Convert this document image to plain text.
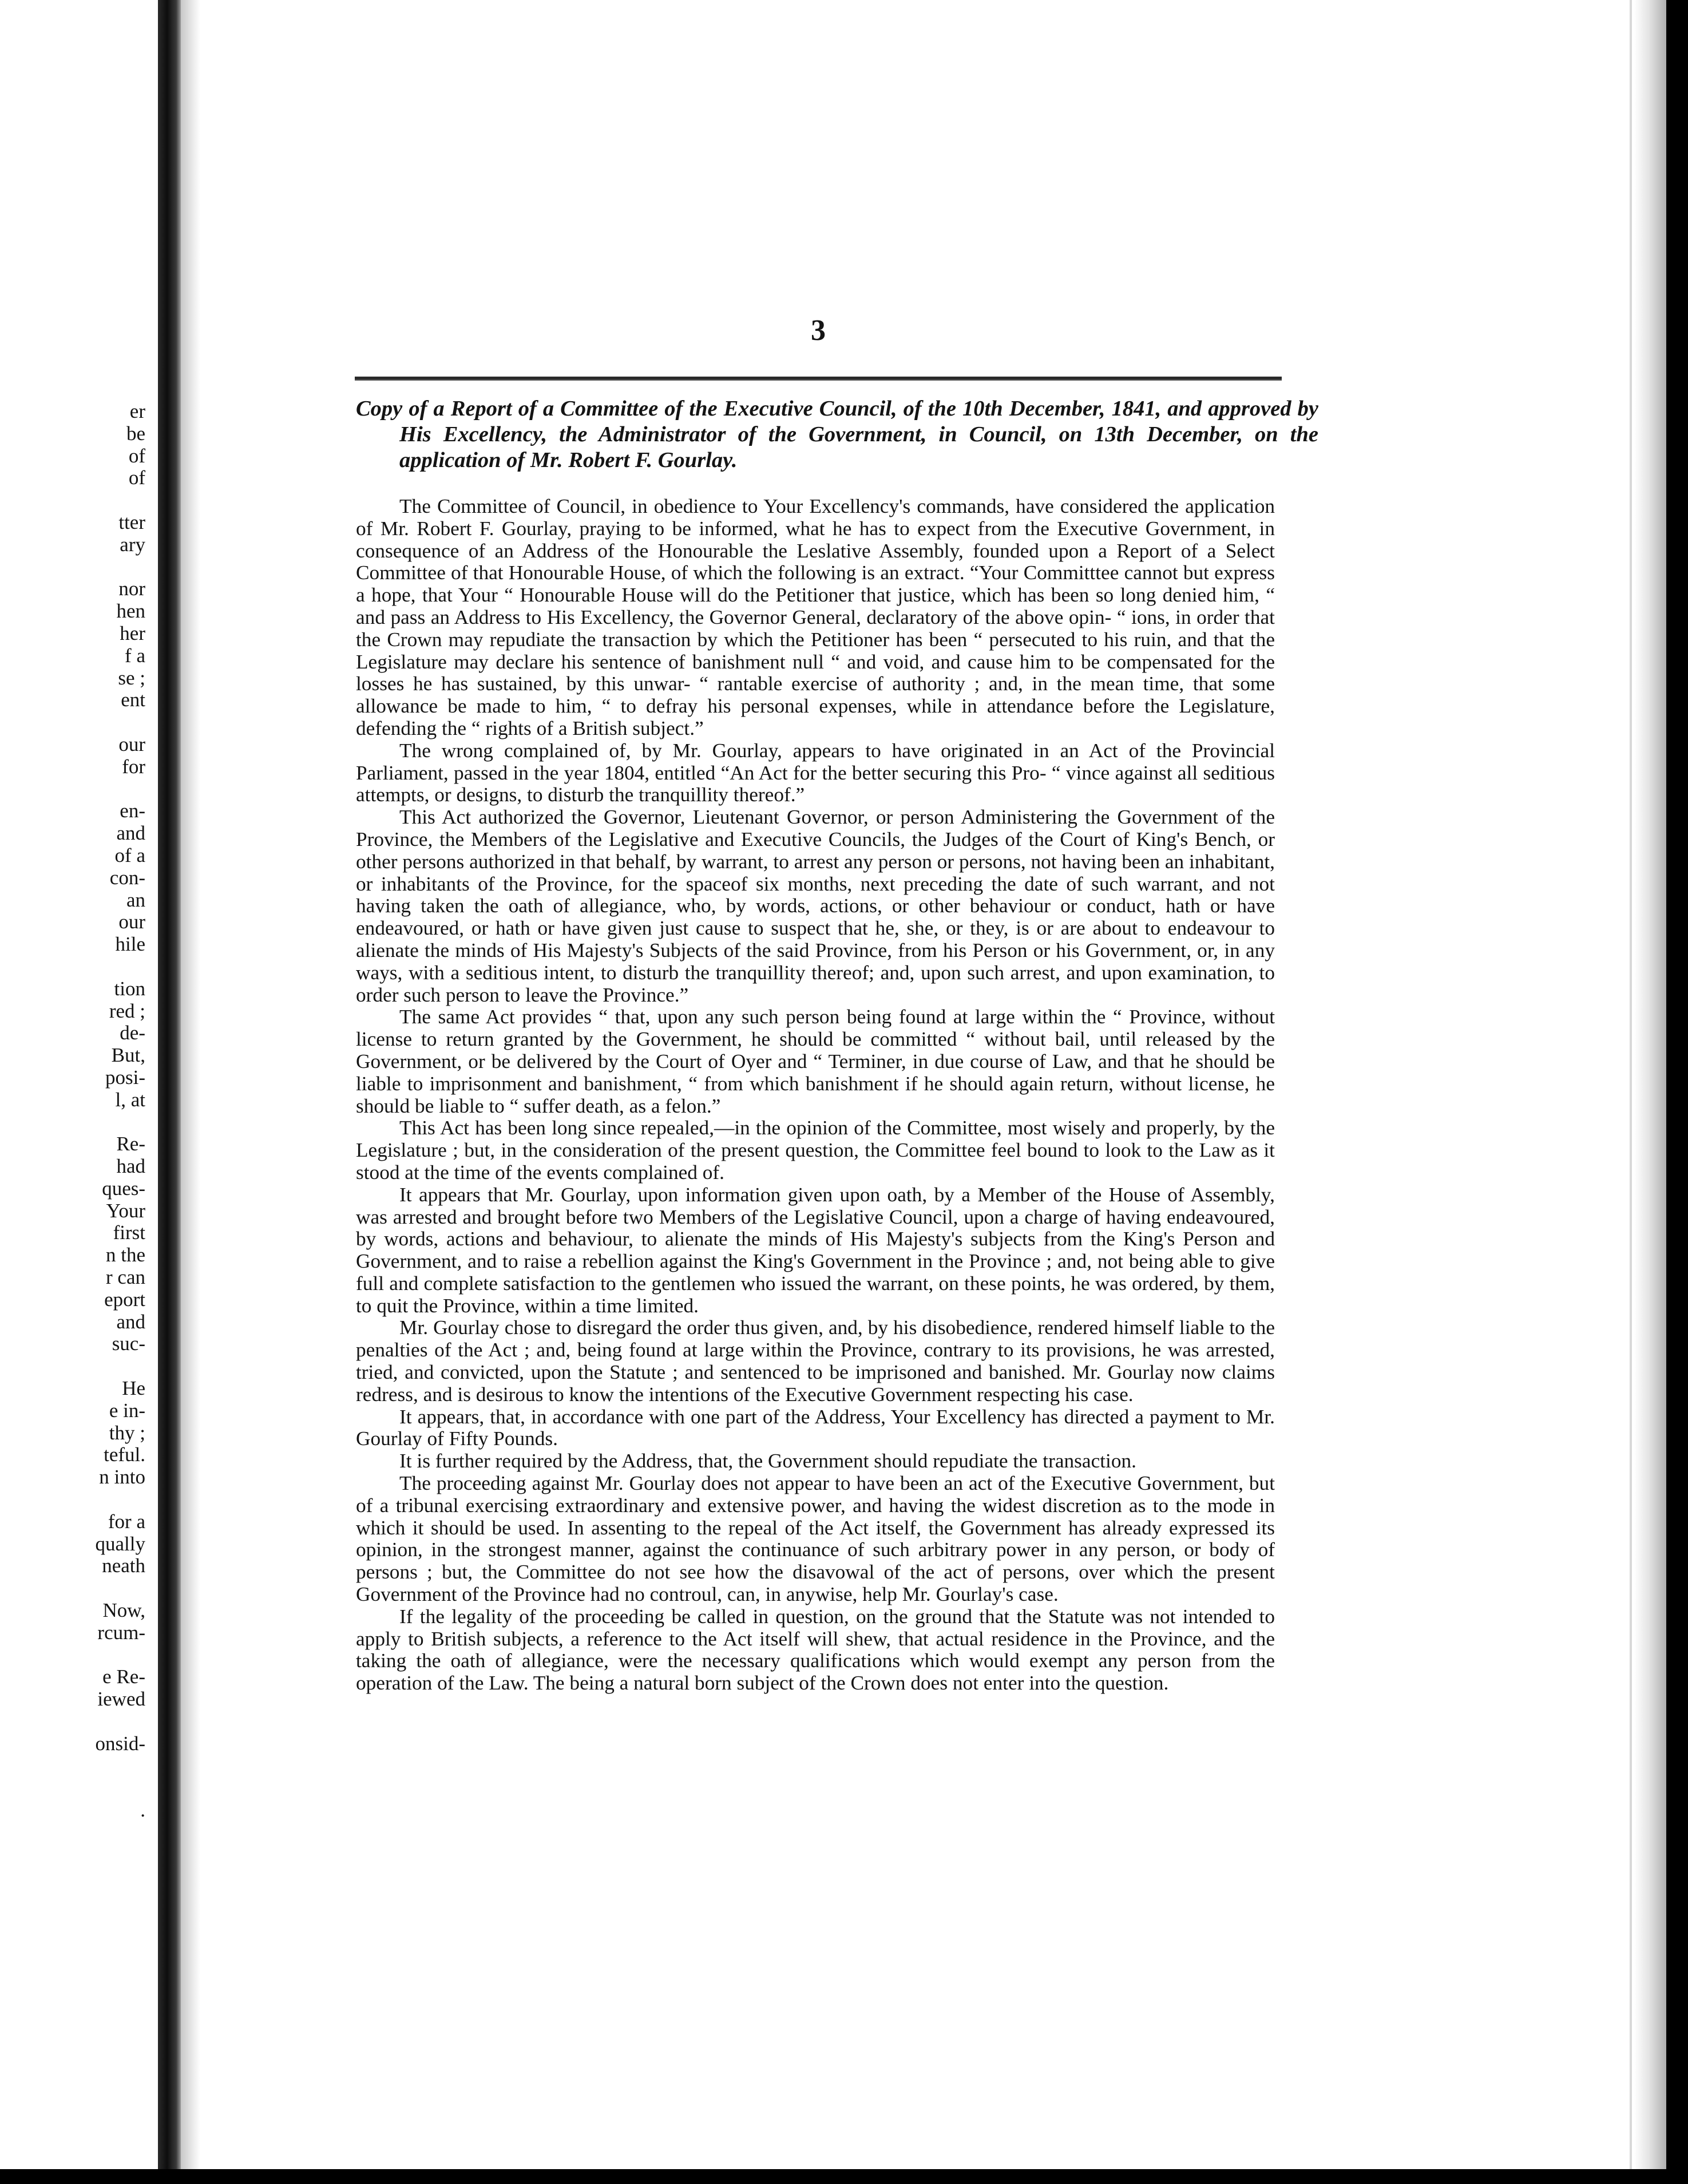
er
be
of
of
tter
ary
nor
hen
her
f a
se ;
ent
our
for
en-
and
of a
con-
an
our
hile
tion
red ;
de-
But,
posi-
l, at
Re-
had
ques-
Your
first
n the
r can
eport
and
suc-
He
e in-
thy ;
teful.
n into
for a
qually
neath
Now,
rcum-
e Re-
iewed
onsid-
.
3
Copy of a Report of a Committee of the Executive Council, of the 10th December, 1841, and approved by His Excellency, the Administrator of the Government, in Council, on 13th December, on the application of Mr. Robert F. Gourlay.

The Committee of Council, in obedience to Your Excellency's commands, have considered the application of Mr. Robert F. Gourlay, praying to be informed, what he has to expect from the Executive Government, in consequence of an Address of the Honourable the Leslative Assembly, founded upon a Report of a Select Committee of that Honourable House, of which the following is an extract. “Your Committtee cannot but express a hope, that Your “ Honourable House will do the Petitioner that justice, which has been so long denied him, “ and pass an Address to His Excellency, the Governor General, declaratory of the above opin- “ ions, in order that the Crown may repudiate the transaction by which the Petitioner has been “ persecuted to his ruin, and that the Legislature may declare his sentence of banishment null “ and void, and cause him to be compensated for the losses he has sustained, by this unwar- “ rantable exercise of authority ; and, in the mean time, that some allowance be made to him, “ to defray his personal expenses, while in attendance before the Legislature, defending the “ rights of a British subject.”

The wrong complained of, by Mr. Gourlay, appears to have originated in an Act of the Provincial Parliament, passed in the year 1804, entitled “An Act for the better securing this Pro- “ vince against all seditious attempts, or designs, to disturb the tranquillity thereof.”

This Act authorized the Governor, Lieutenant Governor, or person Administering the Government of the Province, the Members of the Legislative and Executive Councils, the Judges of the Court of King's Bench, or other persons authorized in that behalf, by warrant, to arrest any person or persons, not having been an inhabitant, or inhabitants of the Province, for the spaceof six months, next preceding the date of such warrant, and not having taken the oath of allegiance, who, by words, actions, or other behaviour or conduct, hath or have endeavoured, or hath or have given just cause to suspect that he, she, or they, is or are about to endeavour to alienate the minds of His Majesty's Subjects of the said Province, from his Person or his Government, or, in any ways, with a seditious intent, to disturb the tranquillity thereof; and, upon such arrest, and upon examination, to order such person to leave the Province.”

The same Act provides “ that, upon any such person being found at large within the “ Province, without license to return granted by the Government, he should be committed “ without bail, until released by the Government, or be delivered by the Court of Oyer and “ Terminer, in due course of Law, and that he should be liable to imprisonment and banishment, “ from which banishment if he should again return, without license, he should be liable to “ suffer death, as a felon.”

This Act has been long since repealed,—in the opinion of the Committee, most wisely and properly, by the Legislature ; but, in the consideration of the present question, the Committee feel bound to look to the Law as it stood at the time of the events complained of.

It appears that Mr. Gourlay, upon information given upon oath, by a Member of the House of Assembly, was arrested and brought before two Members of the Legislative Council, upon a charge of having endeavoured, by words, actions and behaviour, to alienate the minds of His Majesty's subjects from the King's Person and Government, and to raise a rebellion against the King's Government in the Province ; and, not being able to give full and complete satisfaction to the gentlemen who issued the warrant, on these points, he was ordered, by them, to quit the Province, within a time limited.

Mr. Gourlay chose to disregard the order thus given, and, by his disobedience, rendered himself liable to the penalties of the Act ; and, being found at large within the Province, contrary to its provisions, he was arrested, tried, and convicted, upon the Statute ; and sentenced to be imprisoned and banished. Mr. Gourlay now claims redress, and is desirous to know the intentions of the Executive Government respecting his case.

It appears, that, in accordance with one part of the Address, Your Excellency has directed a payment to Mr. Gourlay of Fifty Pounds.

It is further required by the Address, that, the Government should repudiate the transaction.

The proceeding against Mr. Gourlay does not appear to have been an act of the Executive Government, but of a tribunal exercising extraordinary and extensive power, and having the widest discretion as to the mode in which it should be used. In assenting to the repeal of the Act itself, the Government has already expressed its opinion, in the strongest manner, against the continuance of such arbitrary power in any person, or body of persons ; but, the Committee do not see how the disavowal of the act of persons, over which the present Government of the Province had no controul, can, in anywise, help Mr. Gourlay's case.

If the legality of the proceeding be called in question, on the ground that the Statute was not intended to apply to British subjects, a reference to the Act itself will shew, that actual residence in the Province, and the taking the oath of allegiance, were the necessary qualifications which would exempt any person from the operation of the Law. The being a natural born subject of the Crown does not enter into the question.
